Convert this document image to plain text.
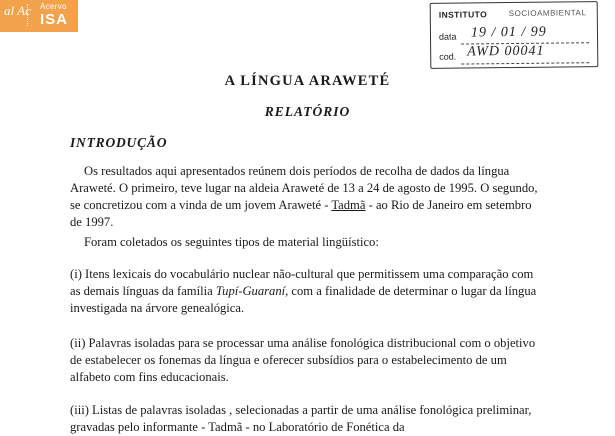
al Ac Acervo
ISA	INSTITUTO	SOCIOAMBIENTAL
data 19 / 01 / 99
cod. AWD 00041
A LÍNGUA ARAWETÉ
RELATÓRIO
INTRODUÇÃO

Os resultados aqui apresentados reúnem dois períodos de recolha de dados da língua Araweté. O primeiro, teve lugar na aldeia Araweté de 13 a 24 de agosto de 1995. O segundo, se concretizou com a vinda de um jovem Araweté - Tadmã - ao Rio de Janeiro em setembro de 1997.

Foram coletados os seguintes tipos de material lingüístico:

(i) Itens lexicais do vocabulário nuclear não-cultural que permitissem uma comparação com as demais línguas da família Tupí-Guaraní, com a finalidade de determinar o lugar da língua investigada na árvore genealógica.

(ii) Palavras isoladas para se processar uma análise fonológica distribucional com o objetivo de estabelecer os fonemas da língua e oferecer subsídios para o estabelecimento de um alfabeto com fins educacionais.

(iii) Listas de palavras isoladas , selecionadas a partir de uma análise fonológica preliminar, gravadas pelo informante - Tadmã - no Laboratório de Fonética da
